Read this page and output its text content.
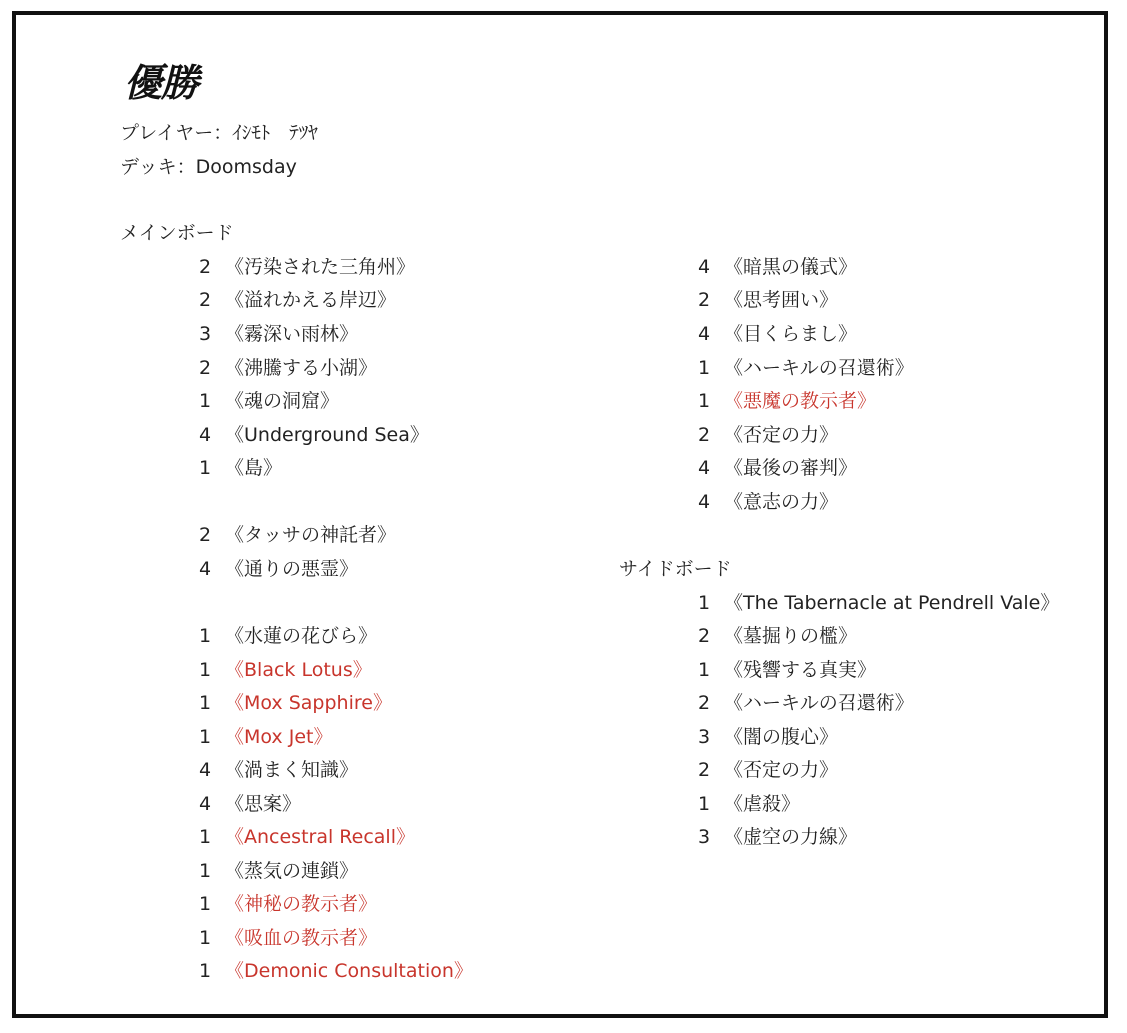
優勝
プレイヤー：ｲｼﾓﾄ　ﾃﾂﾔ
デッキ：Doomsday
メインボード
サイドボード
2 《汚染された三角州》
2 《溢れかえる岸辺》
3 《霧深い雨林》
2 《沸騰する小湖》
1 《魂の洞窟》
4 《Underground Sea》
1 《島》
2 《タッサの神託者》
4 《通りの悪霊》
1 《水蓮の花びら》
1 《Black Lotus》
1 《Mox Sapphire》
1 《Mox Jet》
4 《渦まく知識》
4 《思案》
1 《Ancestral Recall》
1 《蒸気の連鎖》
1 《神秘の教示者》
1 《吸血の教示者》
1 《Demonic Consultation》
4 《暗黒の儀式》
2 《思考囲い》
4 《目くらまし》
1 《ハーキルの召還術》
1 《悪魔の教示者》
2 《否定の力》
4 《最後の審判》
4 《意志の力》
1 《The Tabernacle at Pendrell Vale》
2 《墓掘りの檻》
1 《残響する真実》
2 《ハーキルの召還術》
3 《闇の腹心》
2 《否定の力》
1 《虐殺》
3 《虚空の力線》
